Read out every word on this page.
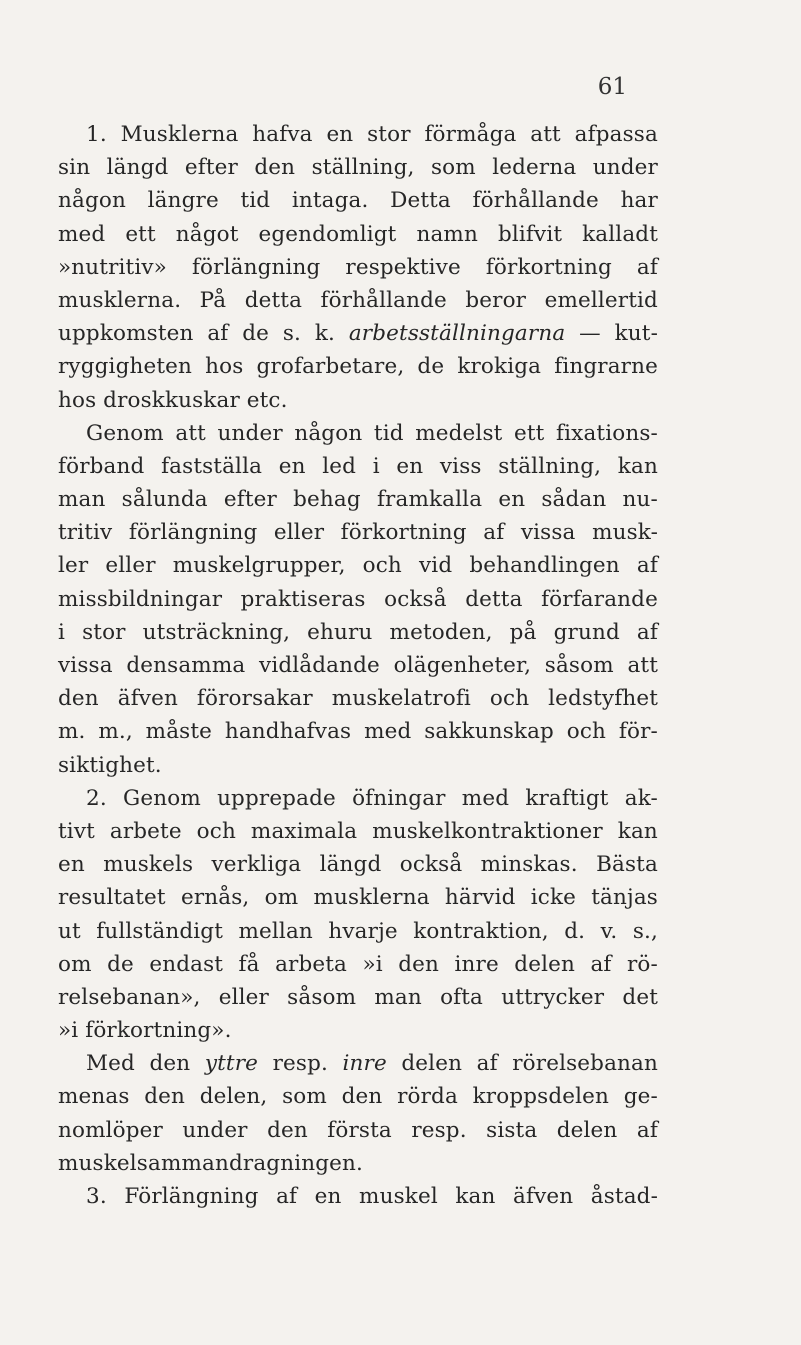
61
1. Musklerna hafva en stor förmåga att afpassa
sin längd efter den ställning, som lederna under
någon längre tid intaga. Detta förhållande har
med ett något egendomligt namn blifvit kalladt
»nutritiv» förlängning respektive förkortning af
musklerna. På detta förhållande beror emellertid
uppkomsten af de s. k. arbetsställningarna — kut-
ryggigheten hos grofarbetare, de krokiga fingrarne
hos droskkuskar etc.
Genom att under någon tid medelst ett fixations-
förband fastställa en led i en viss ställning, kan
man sålunda efter behag framkalla en sådan nu-
tritiv förlängning eller förkortning af vissa musk-
ler eller muskelgrupper, och vid behandlingen af
missbildningar praktiseras också detta förfarande
i stor utsträckning, ehuru metoden, på grund af
vissa densamma vidlådande olägenheter, såsom att
den äfven förorsakar muskelatrofi och ledstyfhet
m. m., måste handhafvas med sakkunskap och för-
siktighet.
2. Genom upprepade öfningar med kraftigt ak-
tivt arbete och maximala muskelkontraktioner kan
en muskels verkliga längd också minskas. Bästa
resultatet ernås, om musklerna härvid icke tänjas
ut fullständigt mellan hvarje kontraktion, d. v. s.,
om de endast få arbeta »i den inre delen af rö-
relsebanan», eller såsom man ofta uttrycker det
»i förkortning».
Med den yttre resp. inre delen af rörelsebanan
menas den delen, som den rörda kroppsdelen ge-
nomlöper under den första resp. sista delen af
muskelsammandragningen.
3. Förlängning af en muskel kan äfven åstad-
